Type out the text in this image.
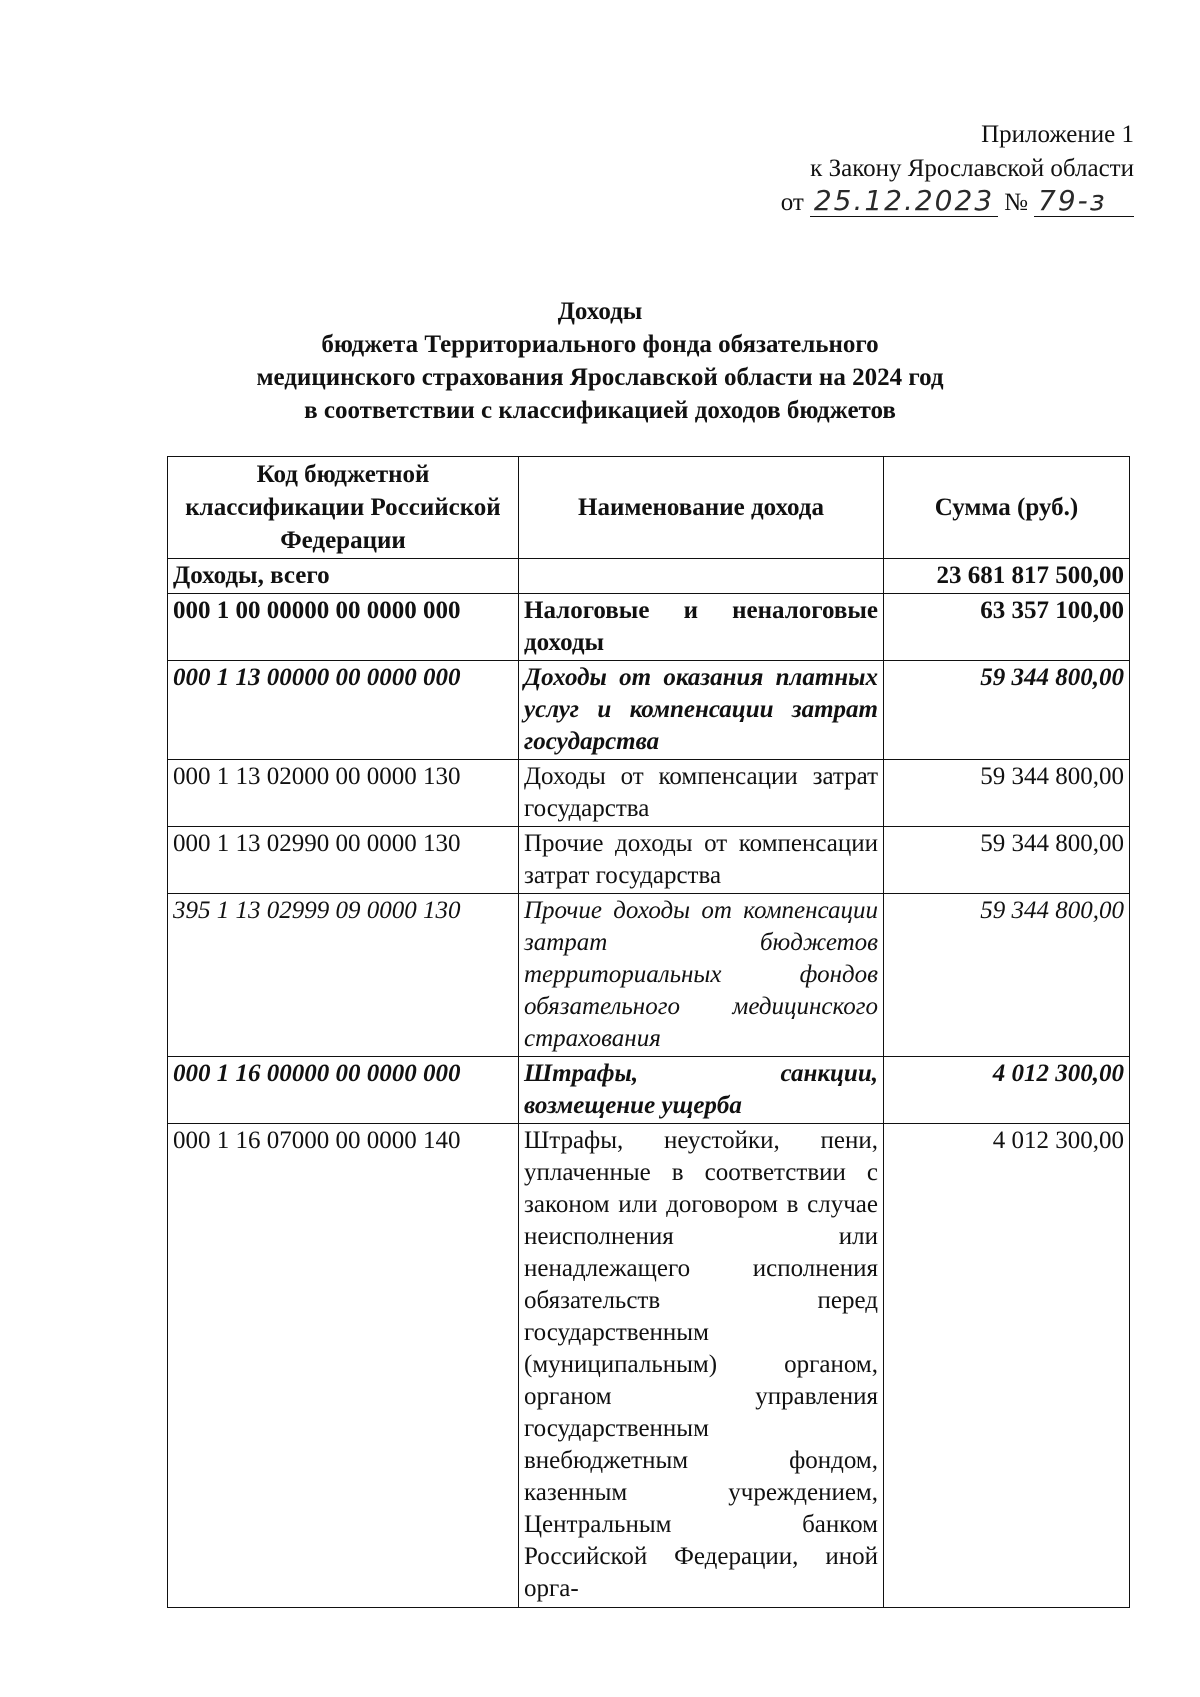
Приложение 1
к Закону Ярославской области
от 25.12.2023 № 79-з
Доходы
бюджета Территориального фонда обязательного
медицинского страхования Ярославской области на 2024 год
в соответствии с классификацией доходов бюджетов
Код бюджетной классификации Российской Федерации	Наименование дохода	Сумма (руб.)
Доходы, всего		23 681 817 500,00
000 1 00 00000 00 0000 000	Налоговые и неналоговые доходы	63 357 100,00
000 1 13 00000 00 0000 000	Доходы от оказания платных услуг и компенсации затрат государства	59 344 800,00
000 1 13 02000 00 0000 130	Доходы от компенсации затрат государства	59 344 800,00
000 1 13 02990 00 0000 130	Прочие доходы от компенсации затрат государства	59 344 800,00
395 1 13 02999 09 0000 130	Прочие доходы от компенсации затрат бюджетов территориальных фондов обязательного медицинского страхования	59 344 800,00
000 1 16 00000 00 0000 000	Штрафы, санкции, возмещение ущерба	4 012 300,00
000 1 16 07000 00 0000 140	Штрафы, неустойки, пени, уплаченные в соответствии с законом или договором в случае неисполнения или ненадлежащего исполнения обязательств перед государственным (муниципальным) органом, органом управления государственным внебюджетным фондом, казенным учреждением, Центральным банком Российской Федерации, иной орга-	4 012 300,00
